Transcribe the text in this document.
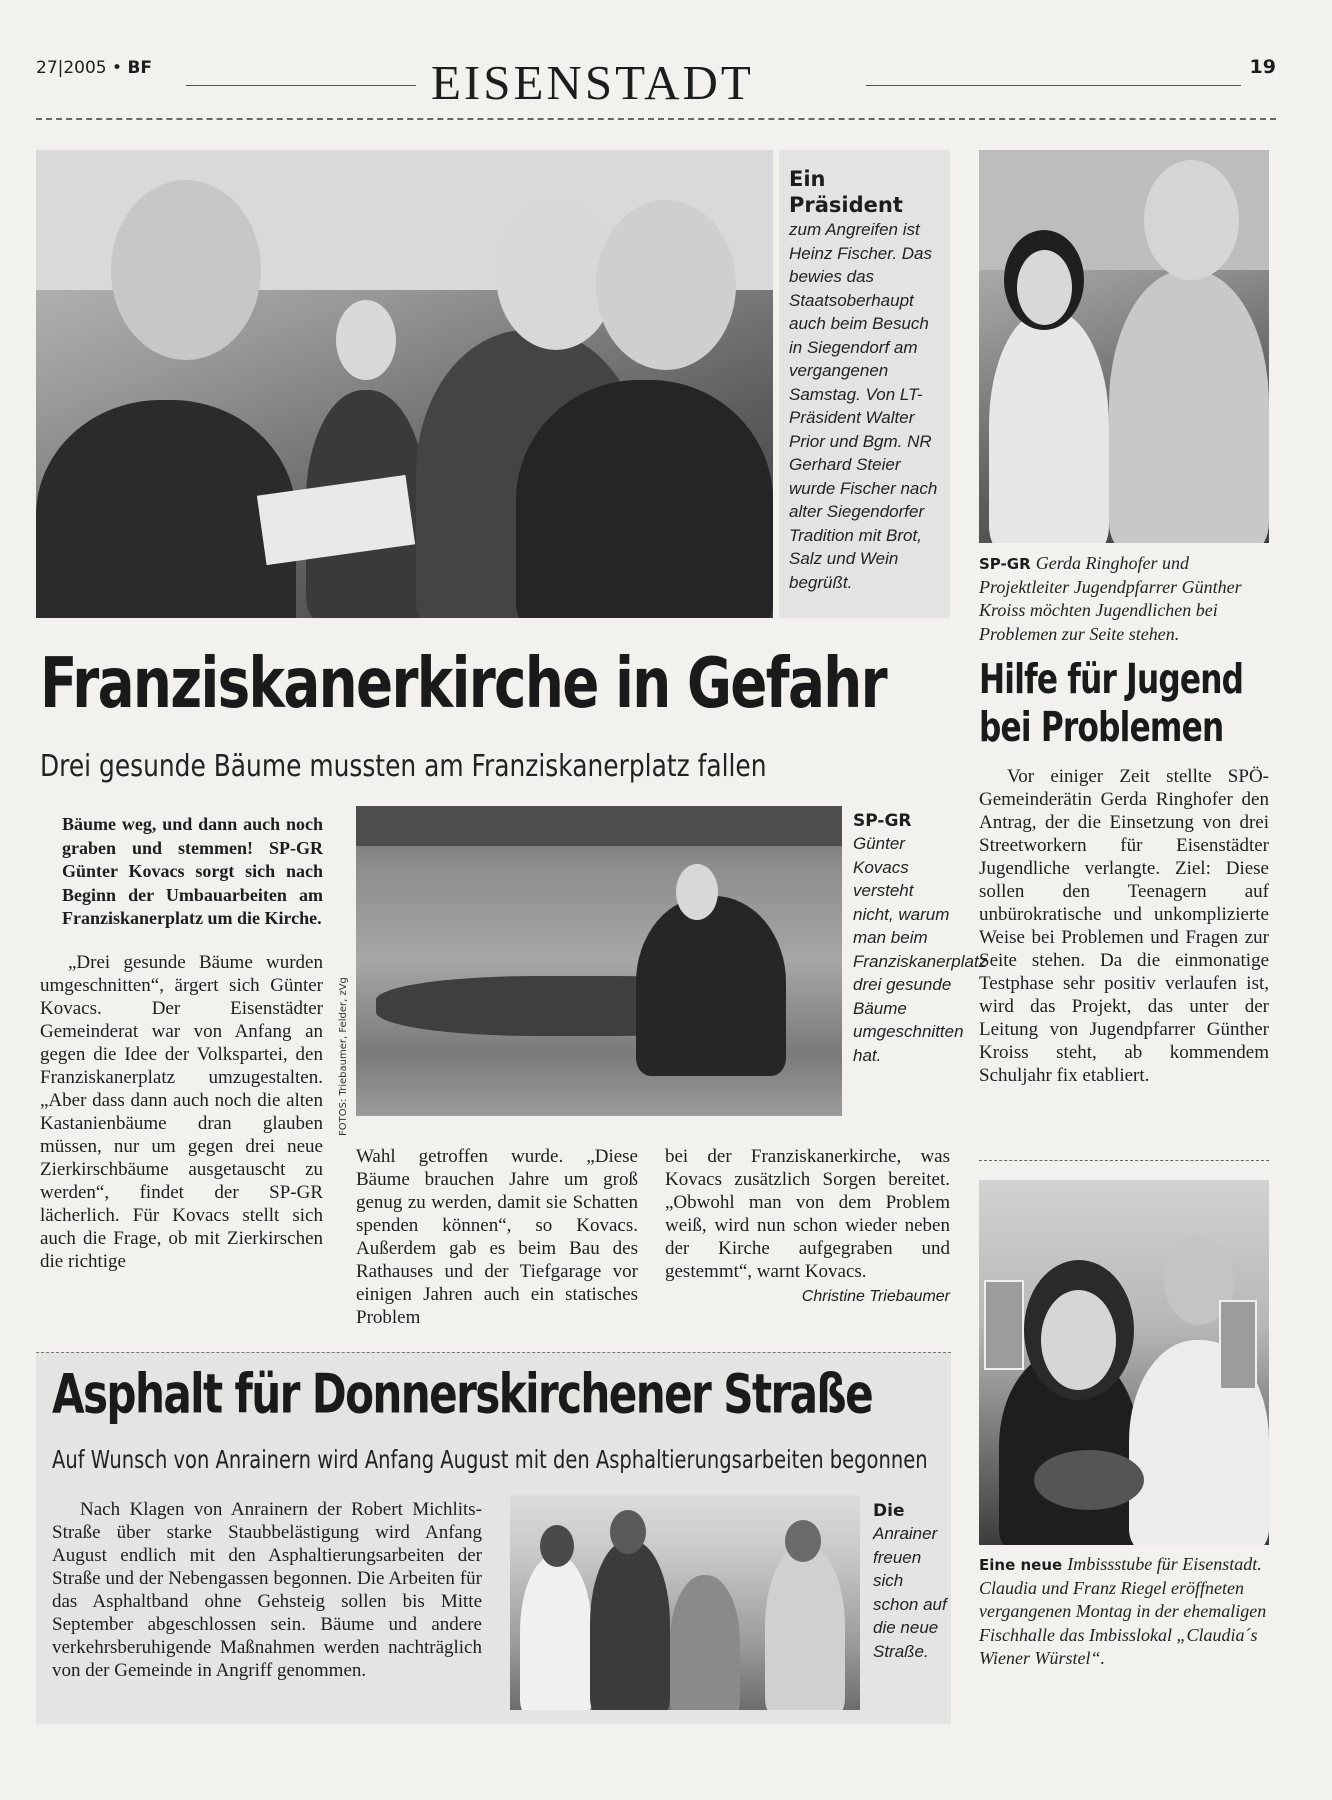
27|2005 • BF	EISENSTADT	19
Ein Präsident
zum Angreifen ist Heinz Fischer. Das bewies das Staatsoberhaupt auch beim Besuch in Siegendorf am vergangenen Samstag. Von LT-Präsident Walter Prior und Bgm. NR Gerhard Steier wurde Fischer nach alter Siegendorfer Tradition mit Brot, Salz und Wein begrüßt.
SP-GR Gerda Ringhofer und Projektleiter Jugendpfarrer Günther Kroiss möchten Jugendlichen bei Problemen zur Seite stehen.
Franziskanerkirche in Gefahr
Drei gesunde Bäume mussten am Franziskanerplatz fallen
Hilfe für Jugend
bei Problemen

Vor einiger Zeit stellte SPÖ-Gemeinderätin Gerda Ringhofer den Antrag, der die Einsetzung von drei Streetworkern für Eisenstädter Jugendliche verlangte. Ziel: Diese sollen den Teenagern auf unbürokratische und unkomplizierte Weise bei Problemen und Fragen zur Seite stehen. Da die einmonatige Testphase sehr positiv verlaufen ist, wird das Projekt, das unter der Leitung von Jugendpfarrer Günther Kroiss steht, ab kommendem Schuljahr fix etabliert.

Bäume weg, und dann auch noch graben und stemmen! SP-GR Günter Kovacs sorgt sich nach Beginn der Umbauarbeiten am Franziskanerplatz um die Kirche.

„Drei gesunde Bäume wurden umgeschnitten“, ärgert sich Günter Kovacs. Der Eisenstädter Gemeinderat war von Anfang an gegen die Idee der Volkspartei, den Franziskanerplatz umzugestalten. „Aber dass dann auch noch die alten Kastanienbäume dran glauben müssen, nur um gegen drei neue Zierkirschbäume ausgetauscht zu werden“, findet der SP-GR lächerlich. Für Kovacs stellt sich auch die Frage, ob mit Zierkirschen die richtige

FOTOS: Triebaumer, Felder, zVg
SP-GR
Günter Kovacs versteht nicht, warum man beim Franziskanerplatz drei gesunde Bäume umgeschnitten hat.

Wahl getroffen wurde. „Diese Bäume brauchen Jahre um groß genug zu werden, damit sie Schatten spenden können“, so Kovacs. Außerdem gab es beim Bau des Rathauses und der Tiefgarage vor einigen Jahren auch ein statisches Problem

bei der Franziskanerkirche, was Kovacs zusätzlich Sorgen bereitet. „Obwohl man von dem Problem weiß, wird nun schon wieder neben der Kirche aufgegraben und gestemmt“, warnt Kovacs.

Christine Triebaumer

Asphalt für Donnerskirchener Straße
Auf Wunsch von Anrainern wird Anfang August mit den Asphaltierungsarbeiten begonnen

Nach Klagen von Anrainern der Robert Michlits-Straße über starke Staubbelästigung wird Anfang August endlich mit den Asphaltierungsarbeiten der Straße und der Nebengassen begonnen. Die Arbeiten für das Asphaltband ohne Gehsteig sollen bis Mitte September abgeschlossen sein. Bäume und andere verkehrsberuhigende Maßnahmen werden nachträglich von der Gemeinde in Angriff genommen.

Die
Anrainer freuen sich schon auf die neue Straße.
Eine neue Imbissstube für Eisenstadt. Claudia und Franz Riegel eröffneten vergangenen Montag in der ehemaligen Fischhalle das Imbisslokal „Claudia´s Wiener Würstel“.
